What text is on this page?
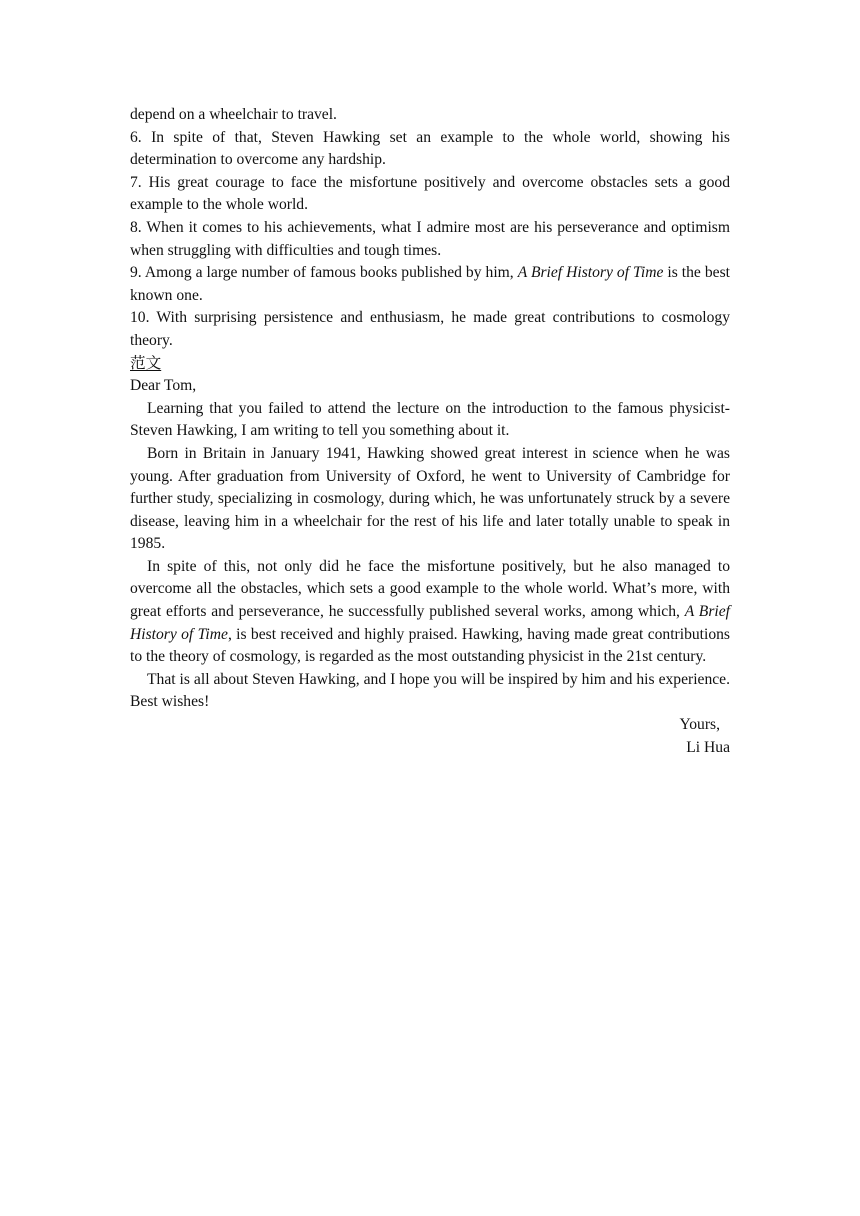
depend on a wheelchair to travel.

6. In spite of that, Steven Hawking set an example to the whole world, showing his determination to overcome any hardship.

7. His great courage to face the misfortune positively and overcome obstacles sets a good example to the whole world.

8. When it comes to his achievements, what I admire most are his perseverance and optimism when struggling with difficulties and tough times.

9. Among a large number of famous books published by him, A Brief History of Time is the best known one.

10. With surprising persistence and enthusiasm, he made great contributions to cosmology theory.

范文

Dear Tom,

Learning that you failed to attend the lecture on the introduction to the famous physicist-Steven Hawking, I am writing to tell you something about it.

Born in Britain in January 1941, Hawking showed great interest in science when he was young. After graduation from University of Oxford, he went to University of Cambridge for further study, specializing in cosmology, during which, he was unfortunately struck by a severe disease, leaving him in a wheelchair for the rest of his life and later totally unable to speak in 1985.

In spite of this, not only did he face the misfortune positively, but he also managed to overcome all the obstacles, which sets a good example to the whole world. What’s more, with great efforts and perseverance, he successfully published several works, among which, A Brief History of Time, is best received and highly praised. Hawking, having made great contributions to the theory of cosmology, is regarded as the most outstanding physicist in the 21st century.

That is all about Steven Hawking, and I hope you will be inspired by him and his experience. Best wishes!

Yours,

Li Hua
